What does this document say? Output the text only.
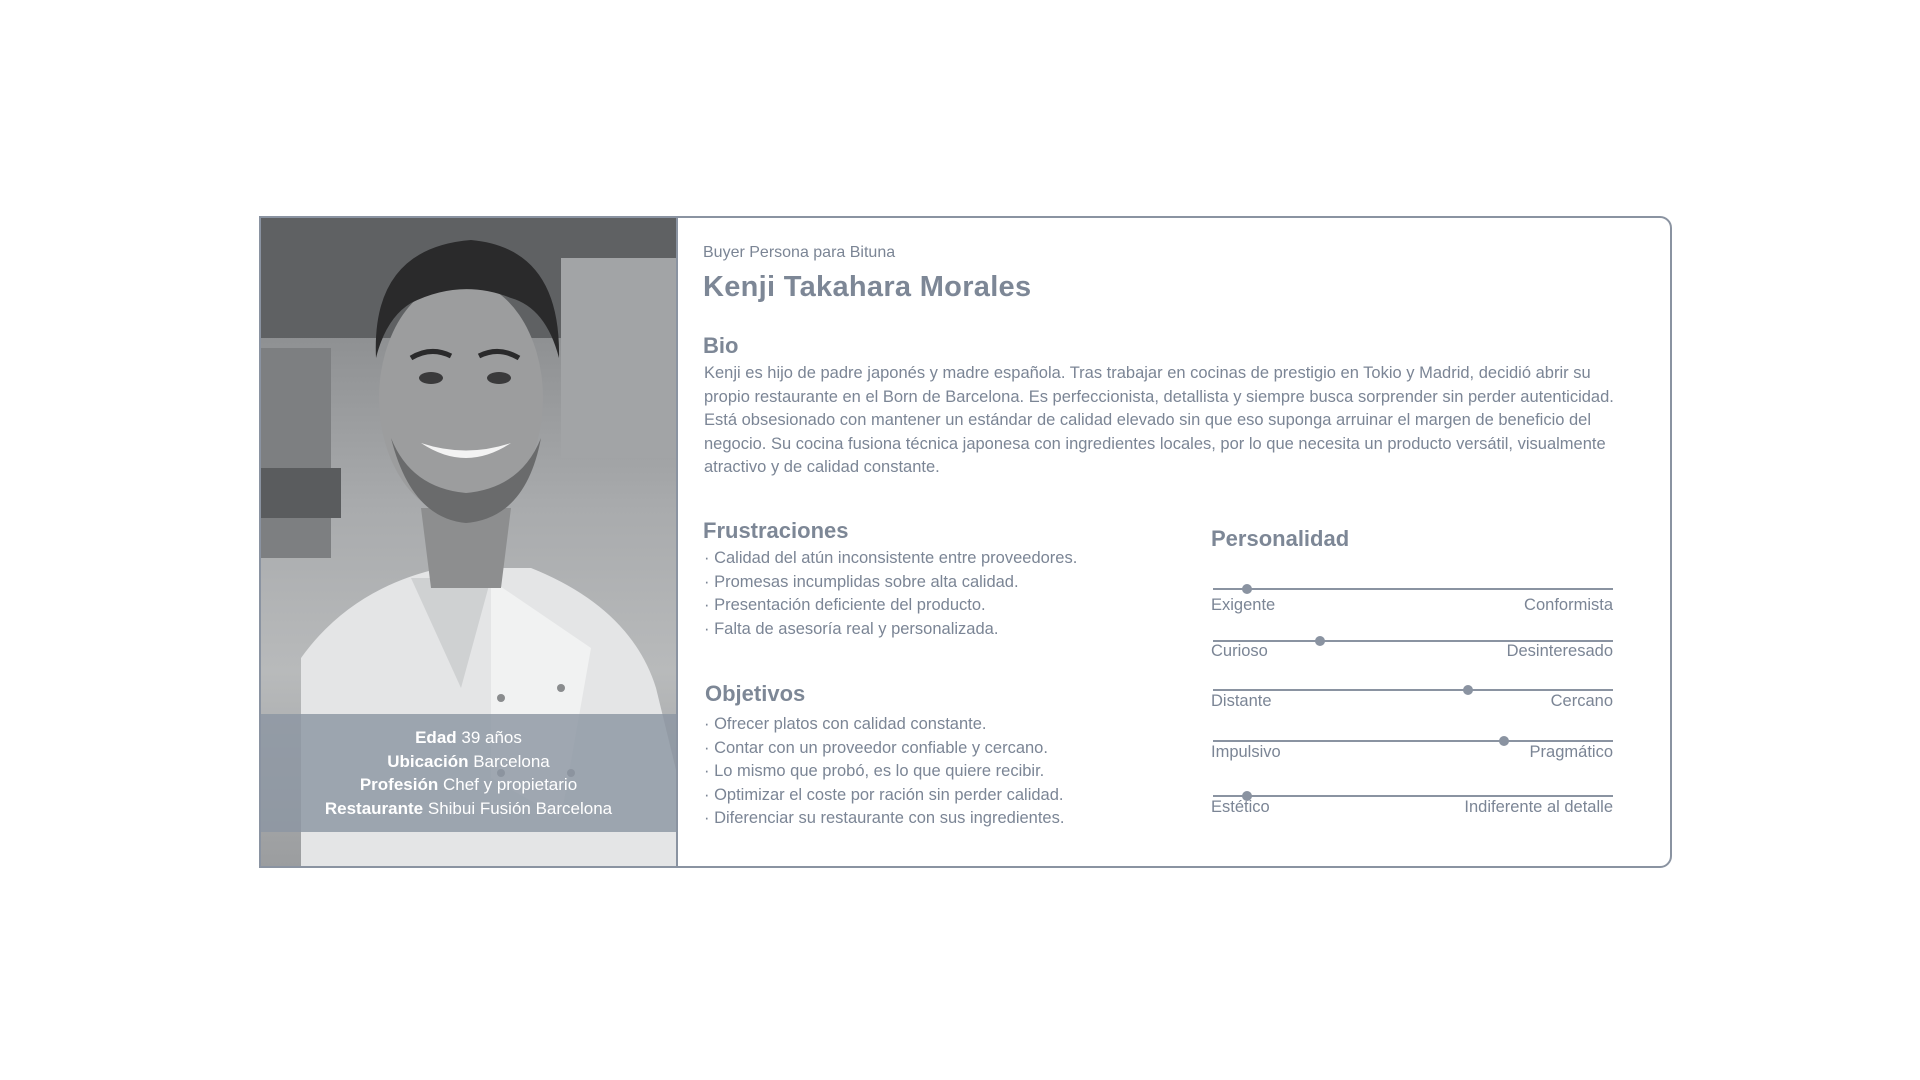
Edad 39 años
Ubicación Barcelona
Profesión Chef y propietario
Restaurante Shibui Fusión Barcelona
Buyer Persona para Bituna
Kenji Takahara Morales
Bio

Kenji es hijo de padre japonés y madre española. Tras trabajar en cocinas de prestigio en Tokio y Madrid, decidió abrir su propio restaurante en el Born de Barcelona. Es perfeccionista, detallista y siempre busca sorprender sin perder autenticidad. Está obsesionado con mantener un estándar de calidad elevado sin que eso suponga arruinar el margen de beneficio del negocio. Su cocina fusiona técnica japonesa con ingredientes locales, por lo que necesita un producto versátil, visualmente atractivo y de calidad constante.

Frustraciones
· Calidad del atún inconsistente entre proveedores.
· Promesas incumplidas sobre alta calidad.
· Presentación deficiente del producto.
· Falta de asesoría real y personalizada.
Objetivos
· Ofrecer platos con calidad constante.
· Contar con un proveedor confiable y cercano.
· Lo mismo que probó, es lo que quiere recibir.
· Optimizar el coste por ración sin perder calidad.
· Diferenciar su restaurante con sus ingredientes.
Personalidad
Exigente	Conformista
Curioso	Desinteresado
Distante	Cercano
Impulsivo	Pragmático
Estético	Indiferente al detalle
